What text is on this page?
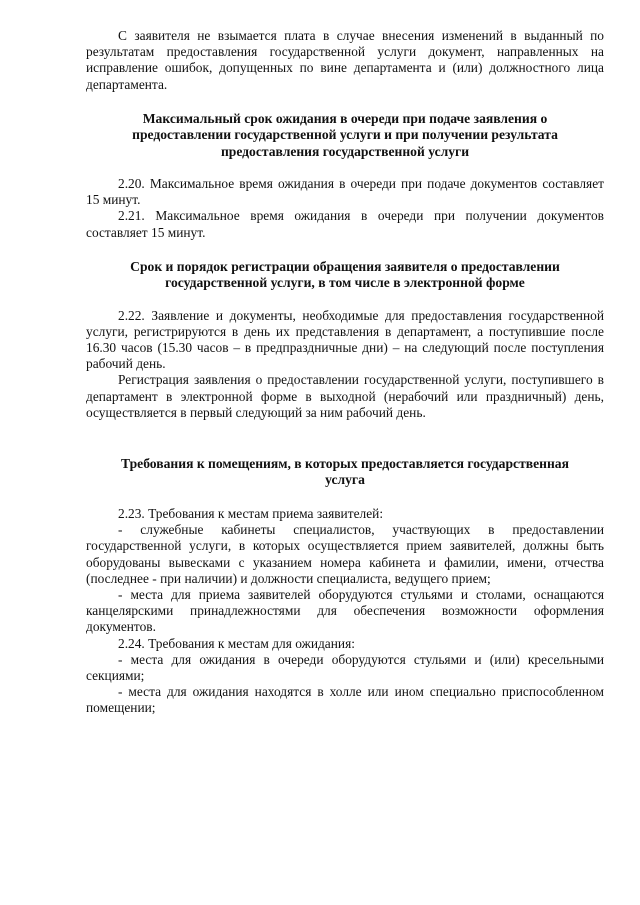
С заявителя не взымается плата в случае внесения изменений в выданный по результатам предоставления государственной услуги документ, направленных на исправление ошибок, допущенных по вине департамента и (или) должностного лица департамента.

Максимальный срок ожидания в очереди при подаче заявления о предоставлении государственной услуги и при получении результата предоставления государственной услуги

2.20. Максимальное время ожидания в очереди при подаче документов составляет 15 минут.

2.21. Максимальное время ожидания в очереди при получении документов составляет 15 минут.

Срок и порядок регистрации обращения заявителя о предоставлении государственной услуги, в том числе в электронной форме

2.22. Заявление и документы, необходимые для предоставления государственной услуги, регистрируются в день их представления в департамент, а поступившие после 16.30 часов (15.30 часов – в предпраздничные дни) – на следующий после поступления рабочий день.

Регистрация заявления о предоставлении государственной услуги, поступившего в департамент в электронной форме в выходной (нерабочий или праздничный) день, осуществляется в первый следующий за ним рабочий день.

Требования к помещениям, в которых предоставляется государственная услуга

2.23. Требования к местам приема заявителей:

- служебные кабинеты специалистов, участвующих в предоставлении государственной услуги, в которых осуществляется прием заявителей, должны быть оборудованы вывесками с указанием номера кабинета и фамилии, имени, отчества (последнее - при наличии) и должности специалиста, ведущего прием;

- места для приема заявителей оборудуются стульями и столами, оснащаются канцелярскими принадлежностями для обеспечения возможности оформления документов.

2.24. Требования к местам для ожидания:

- места для ожидания в очереди оборудуются стульями и (или) кресельными секциями;

- места для ожидания находятся в холле или ином специально приспособленном помещении;
